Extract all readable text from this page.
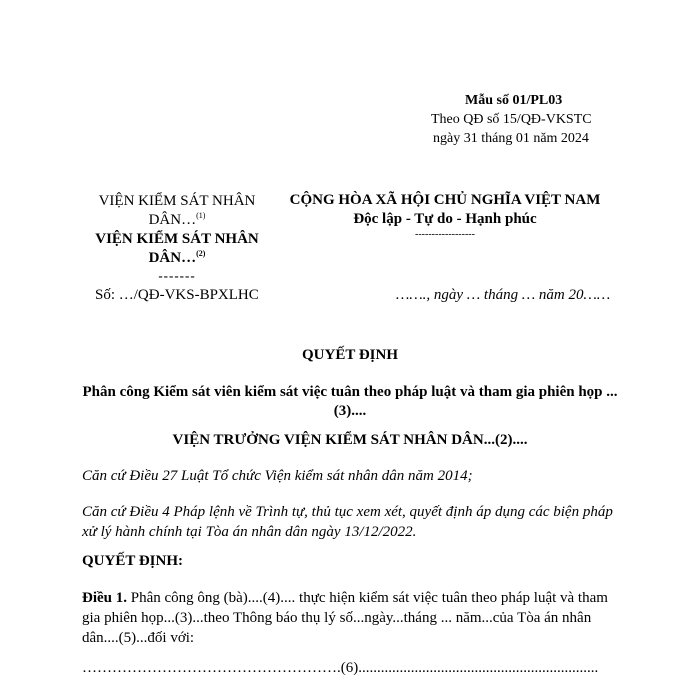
Mẫu số 01/PL03
Theo QĐ số 15/QĐ-VKSTC
ngày 31 tháng 01 năm 2024
VIỆN KIỂM SÁT NHÂN
DÂN…$^{(1)}$
VIỆN KIỂM SÁT NHÂN
DÂN…$^{(2)}$
-------
CỘNG HÒA XÃ HỘI CHỦ NGHĨA VIỆT NAM
Độc lập - Tự do - Hạnh phúc
------------------
Số: …/QĐ-VKS-BPXLHC	……., ngày … tháng … năm 20……
QUYẾT ĐỊNH
Phân công Kiểm sát viên kiểm sát việc tuân theo pháp luật và tham gia phiên họp ...(3)....
VIỆN TRƯỞNG VIỆN KIỂM SÁT NHÂN DÂN...(2)....
Căn cứ Điều 27 Luật Tổ chức Viện kiểm sát nhân dân năm 2014;
Căn cứ Điều 4 Pháp lệnh về Trình tự, thủ tục xem xét, quyết định áp dụng các biện pháp xử lý hành chính tại Tòa án nhân dân ngày 13/12/2022.
QUYẾT ĐỊNH:
Điều 1. Phân công ông (bà)....(4).... thực hiện kiểm sát việc tuân theo pháp luật và tham gia phiên họp...(3)...theo Thông báo thụ lý số...ngày...tháng ... năm...của Tòa án nhân dân....(5)...đối với:
…………………………………………….(6)................................................................
